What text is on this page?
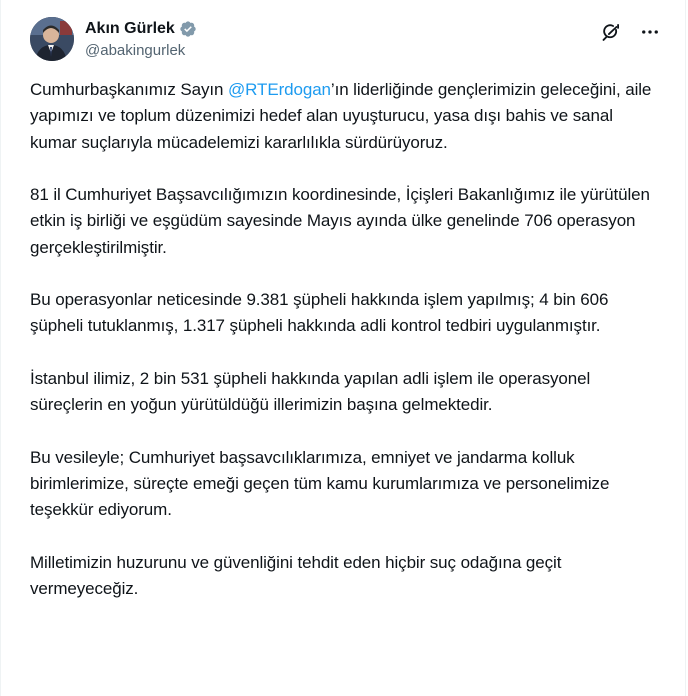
Akın Gürlek
@abakingurlek

Cumhurbaşkanımız Sayın @RTErdogan’ın liderliğinde gençlerimizin geleceğini, aile yapımızı ve toplum düzenimizi hedef alan uyuşturucu, yasa dışı bahis ve sanal kumar suçlarıyla mücadelemizi kararlılıkla sürdürüyoruz.

81 il Cumhuriyet Başsavcılığımızın koordinesinde, İçişleri Bakanlığımız ile yürütülen etkin iş birliği ve eşgüdüm sayesinde Mayıs ayında ülke genelinde 706 operasyon gerçekleştirilmiştir.

Bu operasyonlar neticesinde 9.381 şüpheli hakkında işlem yapılmış; 4 bin 606 şüpheli tutuklanmış, 1.317 şüpheli hakkında adli kontrol tedbiri uygulanmıştır.

İstanbul ilimiz, 2 bin 531 şüpheli hakkında yapılan adli işlem ile operasyonel süreçlerin en yoğun yürütüldüğü illerimizin başına gelmektedir.

Bu vesileyle; Cumhuriyet başsavcılıklarımıza, emniyet ve jandarma kolluk birimlerimize, süreçte emeği geçen tüm kamu kurumlarımıza ve personelimize teşekkür ediyorum.

Milletimizin huzurunu ve güvenliğini tehdit eden hiçbir suç odağına geçit vermeyeceğiz.
